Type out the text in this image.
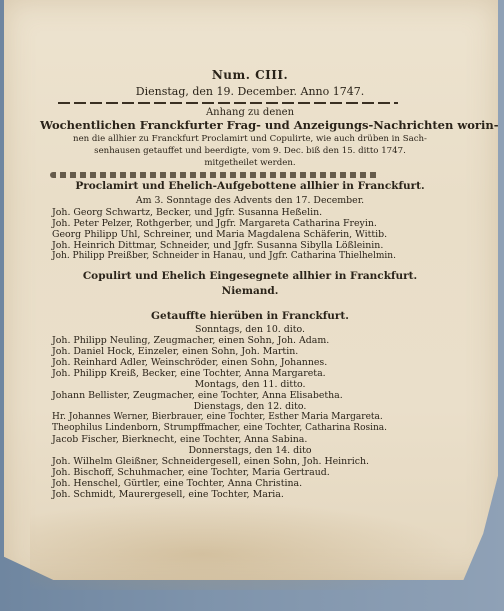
Num. CIII.
Dienstag, den 19. December. Anno 1747.
Anhang zu denen
Wochentlichen Franckfurter Frag- und Anzeigungs-Nachrichten worin-
nen die allhier zu Franckfurt Proclamirt und Copulirte, wie auch drüben in Sach-
senhausen getauffet und beerdigte, vom 9. Dec. biß den 15. ditto 1747.
mitgetheilet werden.
Proclamirt und Ehelich-Aufgebottene allhier in Franckfurt.
Am 3. Sonntage des Advents den 17. December.
Joh. Georg Schwartz, Becker, und Jgfr. Susanna Heßelin.
Joh. Peter Pelzer, Rothgerber, und Jgfr. Margareta Catharina Freyin.
Georg Philipp Uhl, Schreiner, und Maria Magdalena Schäferin, Wittib.
Joh. Heinrich Dittmar, Schneider, und Jgfr. Susanna Sibylla Lößleinin.
Joh. Philipp Preißber, Schneider in Hanau, und Jgfr. Catharina Thielhelmin.
Copulirt und Ehelich Eingesegnete allhier in Franckfurt.
Niemand.
Getauffte hierüben in Franckfurt.
Sonntags, den 10. dito.
Joh. Philipp Neuling, Zeugmacher, einen Sohn, Joh. Adam.
Joh. Daniel Hock, Einzeler, einen Sohn, Joh. Martin.
Joh. Reinhard Adler, Weinschröder, einen Sohn, Johannes.
Joh. Philipp Kreiß, Becker, eine Tochter, Anna Margareta.
Montags, den 11. ditto.
Johann Bellister, Zeugmacher, eine Tochter, Anna Elisabetha.
Dienstags, den 12. dito.
Hr. Johannes Werner, Bierbrauer, eine Tochter, Esther Maria Margareta.
Theophilus Lindenborn, Strumpffmacher, eine Tochter, Catharina Rosina.
Jacob Fischer, Bierknecht, eine Tochter, Anna Sabina.
Donnerstags, den 14. dito
Joh. Wilhelm Gleißner, Schneidergesell, einen Sohn, Joh. Heinrich.
Joh. Bischoff, Schuhmacher, eine Tochter, Maria Gertraud.
Joh. Henschel, Gürtler, eine Tochter, Anna Christina.
Joh. Schmidt, Maurergesell, eine Tochter, Maria.
